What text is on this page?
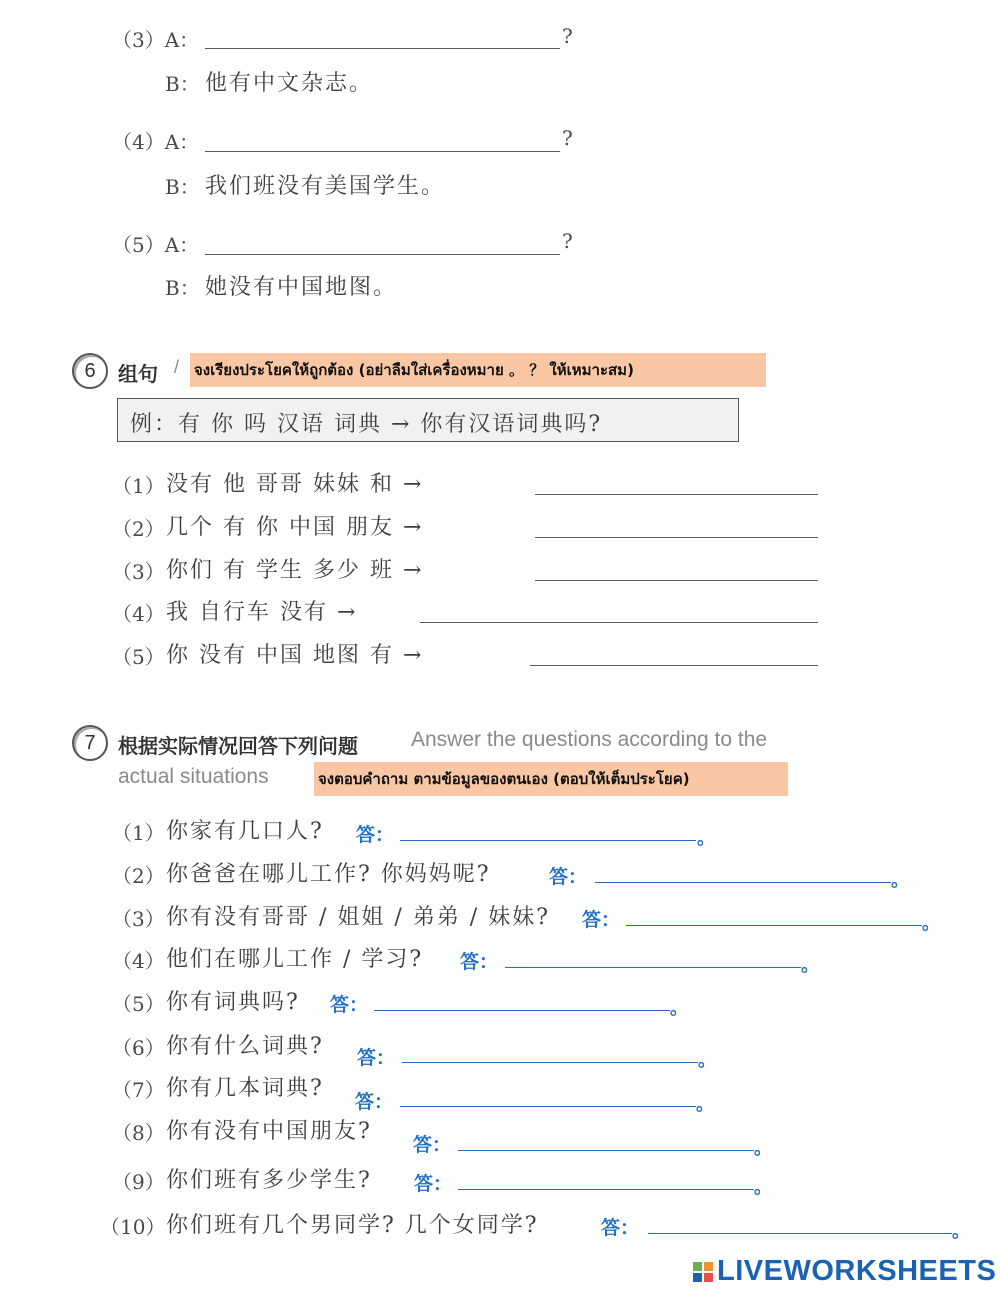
（3）A：	?
B： 他有中文杂志。
（4）A：	?
B： 我们班没有美国学生。
（5）A：	?
B： 她没有中国地图。
6	组句 / จงเรียงประโยคให้ถูกต้อง (อย่าลืมใส่เครื่องหมาย 。 ？ ให้เหมาะสม)
例：有 你 吗 汉语 词典 → 你有汉语词典吗?
（1） 没有 他 哥哥 妹妹 和 →
（2） 几个 有 你 中国 朋友 →
（3） 你们 有 学生 多少 班 →
（4） 我 自行车 没有 →
（5） 你 没有 中国 地图 有 →
7	根据实际情况回答下列问题	Answer the questions according to the
actual situations	จงตอบคำถาม ตามข้อมูลของตนเอง (ตอบให้เต็มประโยค)
（1） 你家有几口人? 答：	。
（2） 你爸爸在哪儿工作? 你妈妈呢?	答：	。
（3） 你有没有哥哥 / 姐姐 / 弟弟 / 妹妹? 答：	。
（4） 他们在哪儿工作 / 学习? 答：	。
（5） 你有词典吗? 答：	。
（6） 你有什么词典? 答：	。
（7） 你有几本词典?
答：	。
（8） 你有没有中国朋友?
答：	。
（9） 你们班有多少学生? 答：	。
（10） 你们班有几个男同学? 几个女同学?	答：	。
LIVEWORKSHEETS
